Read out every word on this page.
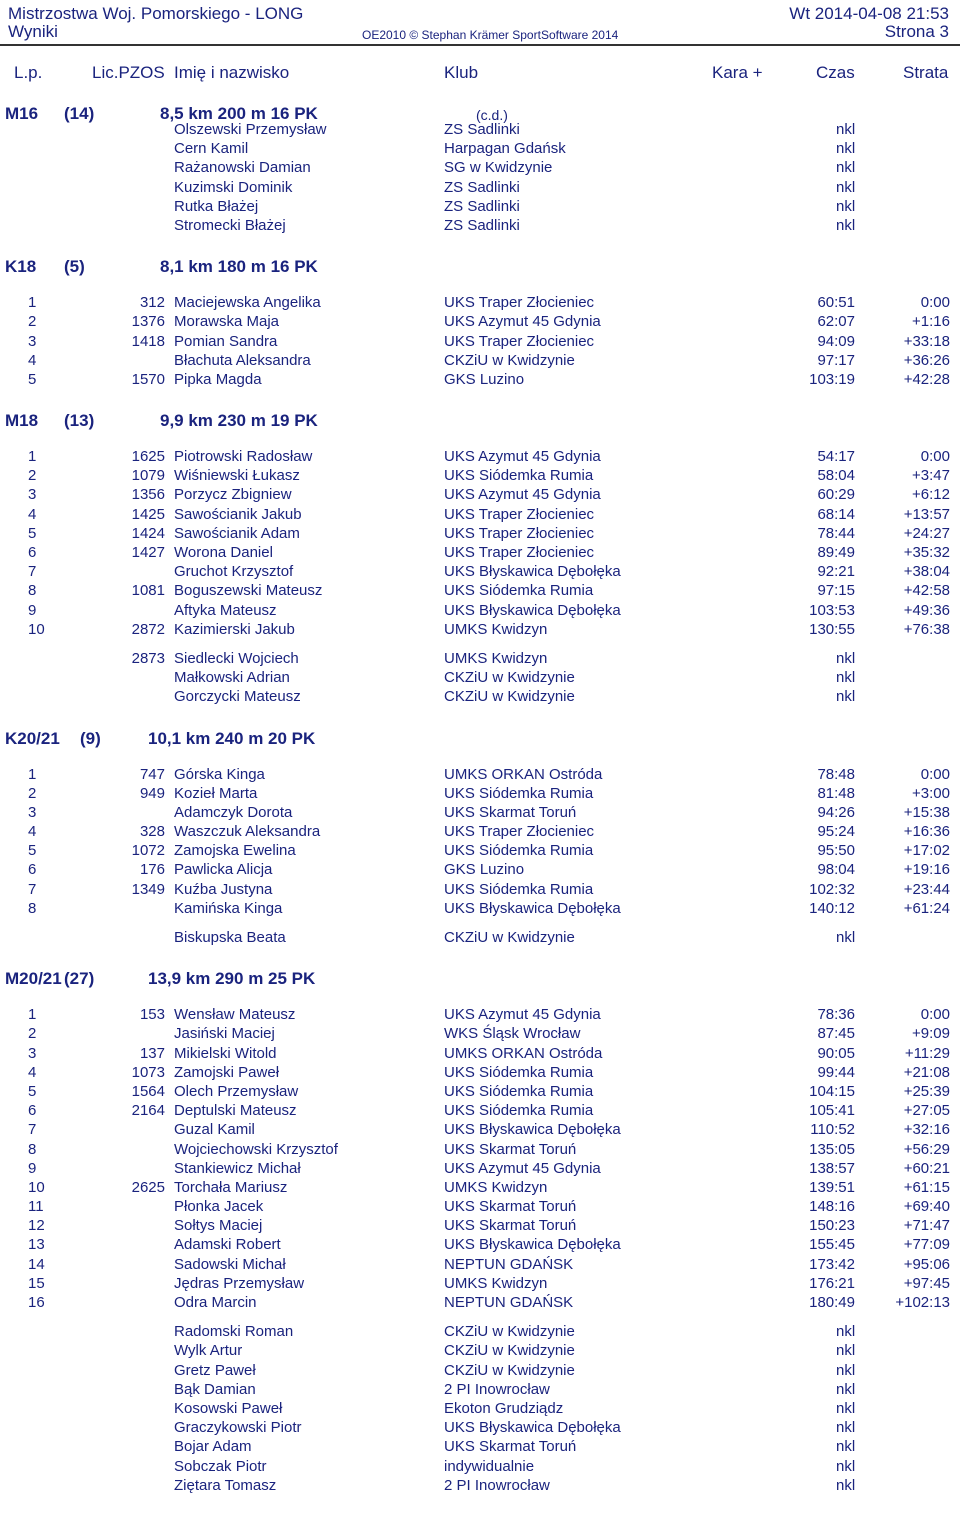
Mistrzostwa Woj. Pomorskiego - LONG
Wyniki	OE2010 © Stephan Krämer SportSoftware 2014
Wt 2014-04-08 21:53
Strona 3
L.p.	Lic.PZOS Imię i nazwisko	Klub	Kara +	Czas	Strata
M16 (14)	8,5 km 200 m 16 PK	(c.d.)
Olszewski Przemysław	ZS Sadlinki	nkl
Cern Kamil	Harpagan Gdańsk	nkl
Rażanowski Damian	SG w Kwidzynie	nkl
Kuzimski Dominik	ZS Sadlinki	nkl
Rutka Błażej	ZS Sadlinki	nkl
Stromecki Błażej	ZS Sadlinki	nkl
K18 (5)	8,1 km 180 m 16 PK
1	312 Maciejewska Angelika	UKS Traper Złocieniec	60:51	0:00
2	1376 Morawska Maja	UKS Azymut 45 Gdynia	62:07	+1:16
3	1418 Pomian Sandra	UKS Traper Złocieniec	94:09	+33:18
4	Błachuta Aleksandra	CKZiU w Kwidzynie	97:17	+36:26
5	1570 Pipka Magda	GKS Luzino	103:19	+42:28
M18 (13)	9,9 km 230 m 19 PK
1	1625 Piotrowski Radosław	UKS Azymut 45 Gdynia	54:17	0:00
2	1079 Wiśniewski Łukasz	UKS Siódemka Rumia	58:04	+3:47
3	1356 Porzycz Zbigniew	UKS Azymut 45 Gdynia	60:29	+6:12
4	1425 Sawościanik Jakub	UKS Traper Złocieniec	68:14	+13:57
5	1424 Sawościanik Adam	UKS Traper Złocieniec	78:44	+24:27
6	1427 Worona Daniel	UKS Traper Złocieniec	89:49	+35:32
7	Gruchot Krzysztof	UKS Błyskawica Dębołęka	92:21	+38:04
8	1081 Boguszewski Mateusz	UKS Siódemka Rumia	97:15	+42:58
9	Aftyka Mateusz	UKS Błyskawica Dębołęka	103:53	+49:36
10	2872 Kazimierski Jakub	UMKS Kwidzyn	130:55	+76:38
2873 Siedlecki Wojciech	UMKS Kwidzyn	nkl
Małkowski Adrian	CKZiU w Kwidzynie	nkl
Gorczycki Mateusz	CKZiU w Kwidzynie	nkl
K20/21 (9)	10,1 km 240 m 20 PK
1	747 Górska Kinga	UMKS ORKAN Ostróda	78:48	0:00
2	949 Kozieł Marta	UKS Siódemka Rumia	81:48	+3:00
3	Adamczyk Dorota	UKS Skarmat Toruń	94:26	+15:38
4	328 Waszczuk Aleksandra	UKS Traper Złocieniec	95:24	+16:36
5	1072 Zamojska Ewelina	UKS Siódemka Rumia	95:50	+17:02
6	176 Pawlicka Alicja	GKS Luzino	98:04	+19:16
7	1349 Kuźba Justyna	UKS Siódemka Rumia	102:32	+23:44
8	Kamińska Kinga	UKS Błyskawica Dębołęka	140:12	+61:24
Biskupska Beata	CKZiU w Kwidzynie	nkl
M20/21 (27)	13,9 km 290 m 25 PK
1	153 Wensław Mateusz	UKS Azymut 45 Gdynia	78:36	0:00
2	Jasiński Maciej	WKS Śląsk Wrocław	87:45	+9:09
3	137 Mikielski Witold	UMKS ORKAN Ostróda	90:05	+11:29
4	1073 Zamojski Paweł	UKS Siódemka Rumia	99:44	+21:08
5	1564 Olech Przemysław	UKS Siódemka Rumia	104:15	+25:39
6	2164 Deptulski Mateusz	UKS Siódemka Rumia	105:41	+27:05
7	Guzal Kamil	UKS Błyskawica Dębołęka	110:52	+32:16
8	Wojciechowski Krzysztof	UKS Skarmat Toruń	135:05	+56:29
9	Stankiewicz Michał	UKS Azymut 45 Gdynia	138:57	+60:21
10	2625 Torchała Mariusz	UMKS Kwidzyn	139:51	+61:15
11	Płonka Jacek	UKS Skarmat Toruń	148:16	+69:40
12	Sołtys Maciej	UKS Skarmat Toruń	150:23	+71:47
13	Adamski Robert	UKS Błyskawica Dębołęka	155:45	+77:09
14	Sadowski Michał	NEPTUN GDAŃSK	173:42	+95:06
15	Jędras Przemysław	UMKS Kwidzyn	176:21	+97:45
16	Odra Marcin	NEPTUN GDAŃSK	180:49	+102:13
Radomski Roman	CKZiU w Kwidzynie	nkl
Wylk Artur	CKZiU w Kwidzynie	nkl
Gretz Paweł	CKZiU w Kwidzynie	nkl
Bąk Damian	2 PI Inowrocław	nkl
Kosowski Paweł	Ekoton Grudziądz	nkl
Graczykowski Piotr	UKS Błyskawica Dębołęka	nkl
Bojar Adam	UKS Skarmat Toruń	nkl
Sobczak Piotr	indywidualnie	nkl
Ziętara Tomasz	2 PI Inowrocław	nkl
